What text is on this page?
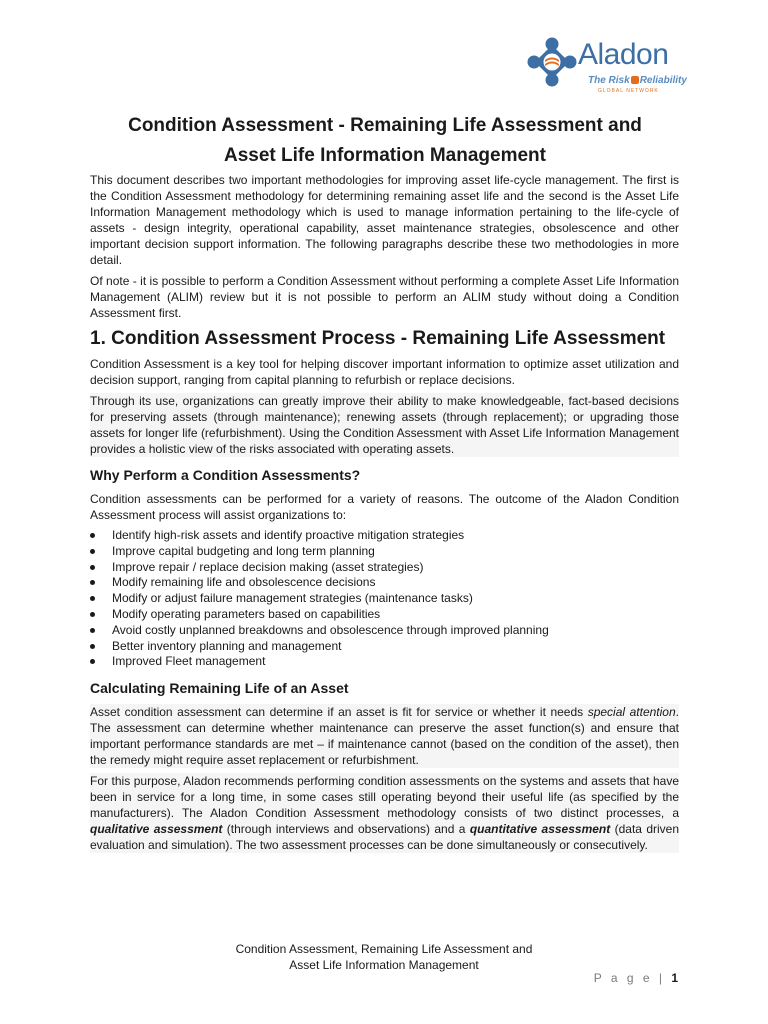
Aladon
The Risk Reliability
GLOBAL NETWORK
Condition Assessment - Remaining Life Assessment and
Asset Life Information Management

This document describes two important methodologies for improving asset life-cycle management. The first is the Condition Assessment methodology for determining remaining asset life and the second is the Asset Life Information Management methodology which is used to manage information pertaining to the life-cycle of assets - design integrity, operational capability, asset maintenance strategies, obsolescence and other important decision support information. The following paragraphs describe these two methodologies in more detail.

Of note - it is possible to perform a Condition Assessment without performing a complete Asset Life Information Management (ALIM) review but it is not possible to perform an ALIM study without doing a Condition Assessment first.

1. Condition Assessment Process - Remaining Life Assessment

Condition Assessment is a key tool for helping discover important information to optimize asset utilization and decision support, ranging from capital planning to refurbish or replace decisions.

Through its use, organizations can greatly improve their ability to make knowledgeable, fact-based decisions for preserving assets (through maintenance); renewing assets (through replacement); or upgrading those assets for longer life (refurbishment). Using the Condition Assessment with Asset Life Information Management provides a holistic view of the risks associated with operating assets.

Why Perform a Condition Assessments?

Condition assessments can be performed for a variety of reasons. The outcome of the Aladon Condition Assessment process will assist organizations to:

Identify high-risk assets and identify proactive mitigation strategies
Improve capital budgeting and long term planning
Improve repair / replace decision making (asset strategies)
Modify remaining life and obsolescence decisions
Modify or adjust failure management strategies (maintenance tasks)
Modify operating parameters based on capabilities
Avoid costly unplanned breakdowns and obsolescence through improved planning
Better inventory planning and management
Improved Fleet management
Calculating Remaining Life of an Asset

Asset condition assessment can determine if an asset is fit for service or whether it needs special attention. The assessment can determine whether maintenance can preserve the asset function(s) and ensure that important performance standards are met – if maintenance cannot (based on the condition of the asset), then the remedy might require asset replacement or refurbishment.

For this purpose, Aladon recommends performing condition assessments on the systems and assets that have been in service for a long time, in some cases still operating beyond their useful life (as specified by the manufacturers). The Aladon Condition Assessment methodology consists of two distinct processes, a qualitative assessment (through interviews and observations) and a quantitative assessment (data driven evaluation and simulation). The two assessment processes can be done simultaneously or consecutively.

Condition Assessment, Remaining Life Assessment and
Asset Life Information Management
P a g e | 1
